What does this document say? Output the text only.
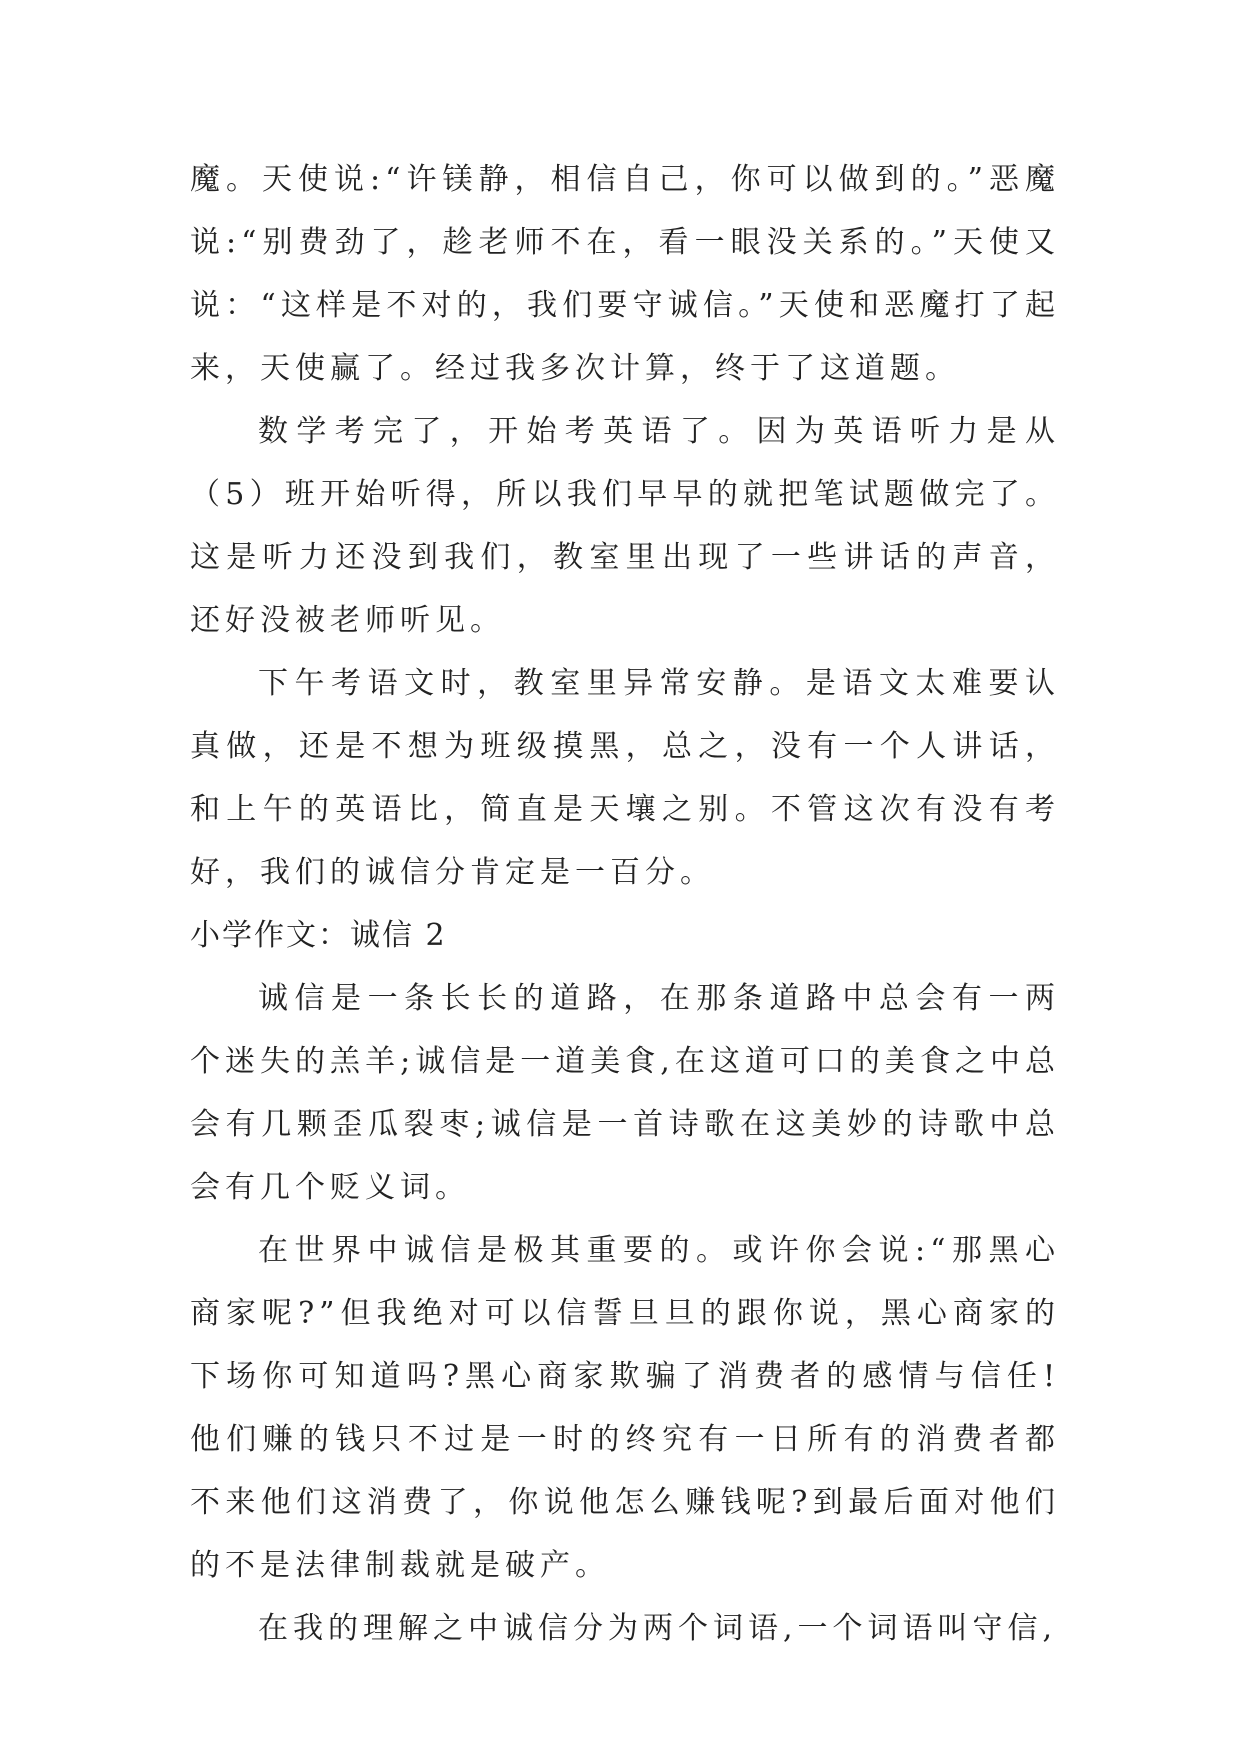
魔。天使说:“许镁静，相信自己，你可以做到的。”恶魔说:“别费劲了，趁老师不在，看一眼没关系的。”天使又说：“这样是不对的，我们要守诚信。”天使和恶魔打了起来，天使赢了。经过我多次计算，终于了这道题。

数学考完了，开始考英语了。因为英语听力是从（5）班开始听得，所以我们早早的就把笔试题做完了。这是听力还没到我们，教室里出现了一些讲话的声音，还好没被老师听见。

下午考语文时，教室里异常安静。是语文太难要认真做，还是不想为班级摸黑，总之，没有一个人讲话，和上午的英语比，简直是天壤之别。不管这次有没有考好，我们的诚信分肯定是一百分。

小学作文：诚信 2

诚信是一条长长的道路，在那条道路中总会有一两个迷失的羔羊;诚信是一道美食,在这道可口的美食之中总会有几颗歪瓜裂枣;诚信是一首诗歌在这美妙的诗歌中总会有几个贬义词。

在世界中诚信是极其重要的。或许你会说:“那黑心商家呢?”但我绝对可以信誓旦旦的跟你说，黑心商家的下场你可知道吗?黑心商家欺骗了消费者的感情与信任!他们赚的钱只不过是一时的终究有一日所有的消费者都不来他们这消费了，你说他怎么赚钱呢?到最后面对他们的不是法律制裁就是破产。

在我的理解之中诚信分为两个词语,一个词语叫守信,
